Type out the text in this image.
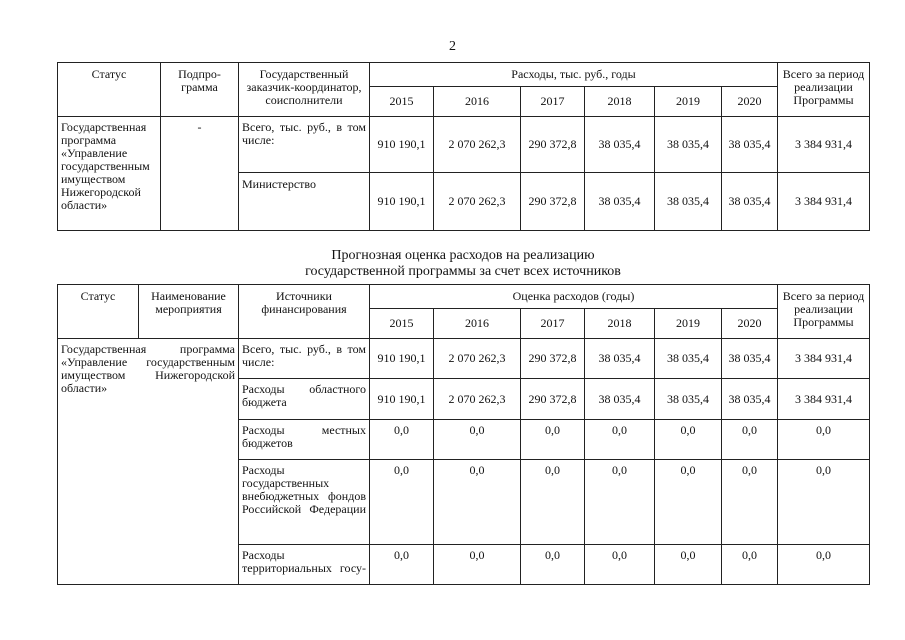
2
Статус	Подпро-грамма	Государственный заказчик-координатор, соисполнители	Расходы, тыс. руб., годы						Всего за период реализации Программы
			2015	2016	2017	2018	2019	2020	
Государственная программа «Управление государственным имуществом Нижегородской области»	-	Всего, тыс. руб., в том числе:	910 190,1	2 070 262,3	290 372,8	38 035,4	38 035,4	38 035,4	3 384 931,4
		Министерство	910 190,1	2 070 262,3	290 372,8	38 035,4	38 035,4	38 035,4	3 384 931,4
Прогнозная оценка расходов на реализацию
государственной программы за счет всех источников
Статус	Наименование мероприятия	Источники финансирования	Оценка расходов (годы)						Всего за период реализации Программы
			2015	2016	2017	2018	2019	2020	
Государственная программа «Управление государственным имуществом Нижегородской области»		Всего, тыс. руб., в том числе:	910 190,1	2 070 262,3	290 372,8	38 035,4	38 035,4	38 035,4	3 384 931,4
		Расходы областного бюджета	910 190,1	2 070 262,3	290 372,8	38 035,4	38 035,4	38 035,4	3 384 931,4
		Расходы местных бюджетов	0,0	0,0	0,0	0,0	0,0	0,0	0,0
		Расходы государственных внебюджетных фондов Российской Федерации	0,0	0,0	0,0	0,0	0,0	0,0	0,0
		Расходы территориальных госу-	0,0	0,0	0,0	0,0	0,0	0,0	0,0
